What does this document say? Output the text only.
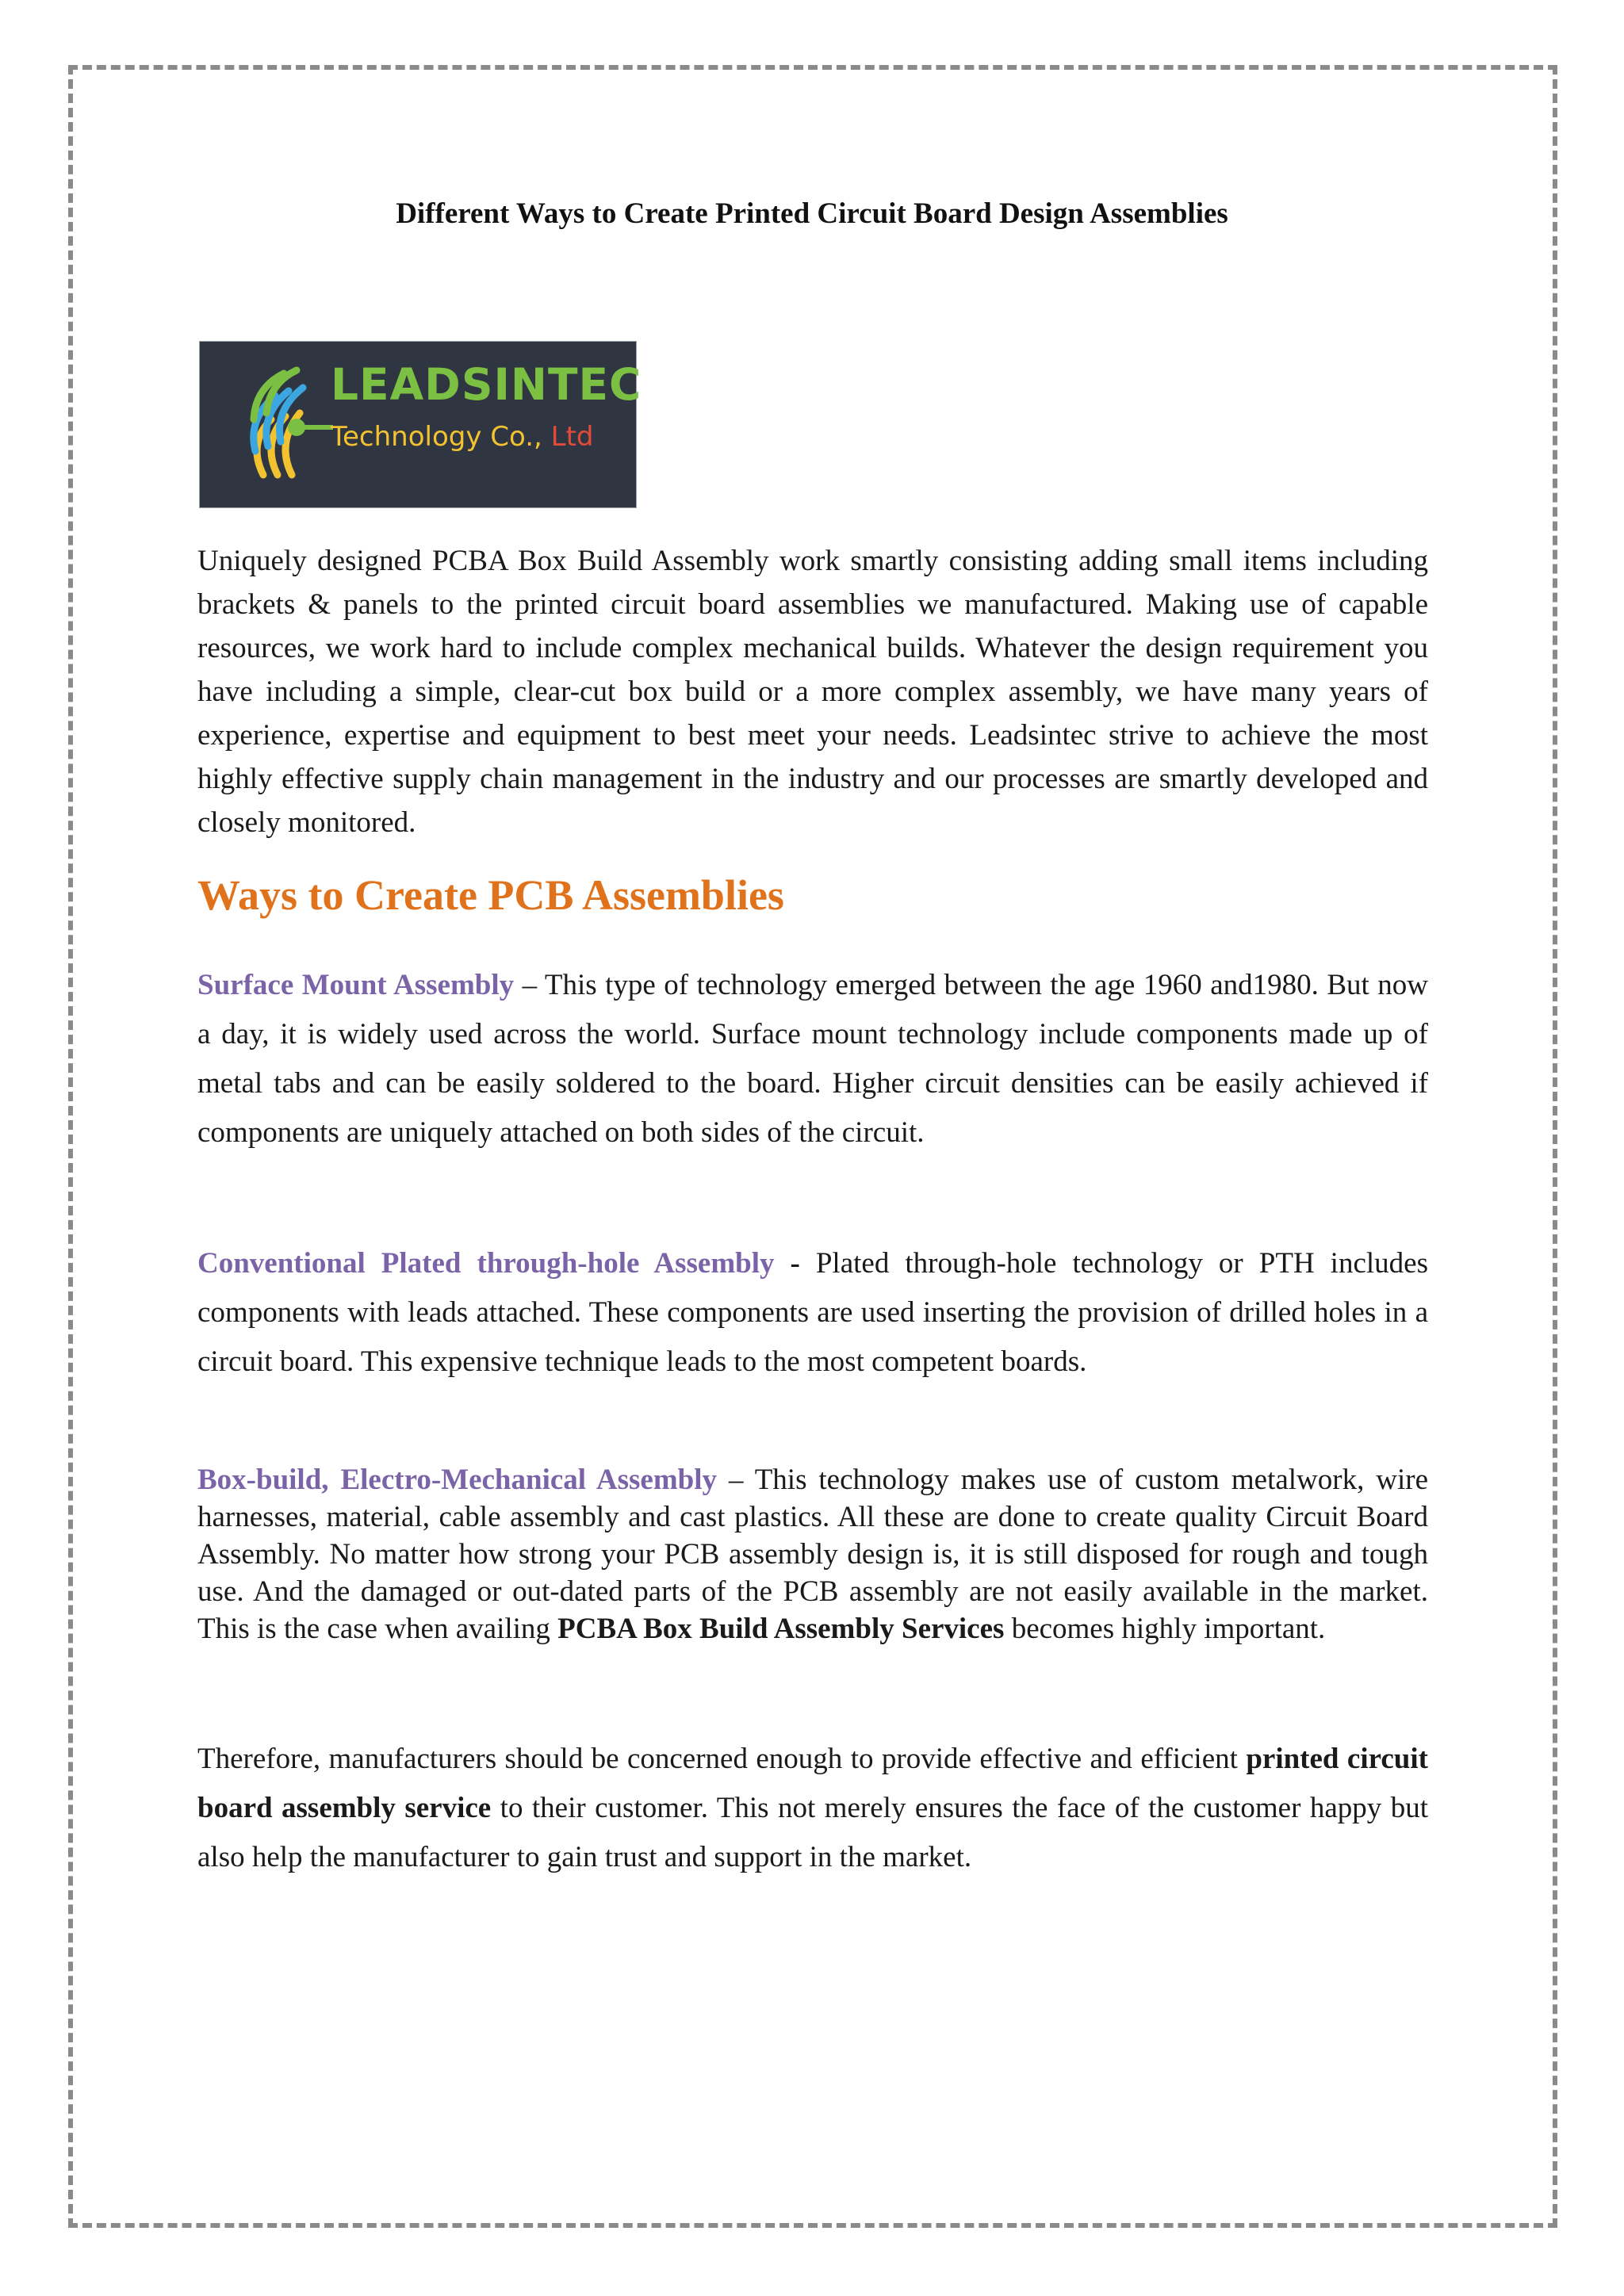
Different Ways to Create Printed Circuit Board Design Assemblies
LEADSINTEC
Technology Co., Ltd

Uniquely designed PCBA Box Build Assembly work smartly consisting adding small items including brackets & panels to the printed circuit board assemblies we manufactured. Making use of capable resources, we work hard to include complex mechanical builds. Whatever the design requirement you have including a simple, clear-cut box build or a more complex assembly, we have many years of experience, expertise and equipment to best meet your needs. Leadsintec strive to achieve the most highly effective supply chain management in the industry and our processes are smartly developed and closely monitored.

Ways to Create PCB Assemblies

Surface Mount Assembly – This type of technology emerged between the age 1960 and1980. But now a day, it is widely used across the world. Surface mount technology include components made up of metal tabs and can be easily soldered to the board. Higher circuit densities can be easily achieved if components are uniquely attached on both sides of the circuit.

Conventional Plated through-hole Assembly - Plated through-hole technology or PTH includes components with leads attached. These components are used inserting the provision of drilled holes in a circuit board. This expensive technique leads to the most competent boards.

Box-build, Electro-Mechanical Assembly – This technology makes use of custom metalwork, wire harnesses, material, cable assembly and cast plastics. All these are done to create quality Circuit Board Assembly. No matter how strong your PCB assembly design is, it is still disposed for rough and tough use. And the damaged or out-dated parts of the PCB assembly are not easily available in the market. This is the case when availing PCBA Box Build Assembly Services becomes highly important.

Therefore, manufacturers should be concerned enough to provide effective and efficient printed circuit board assembly service to their customer. This not merely ensures the face of the customer happy but also help the manufacturer to gain trust and support in the market.
